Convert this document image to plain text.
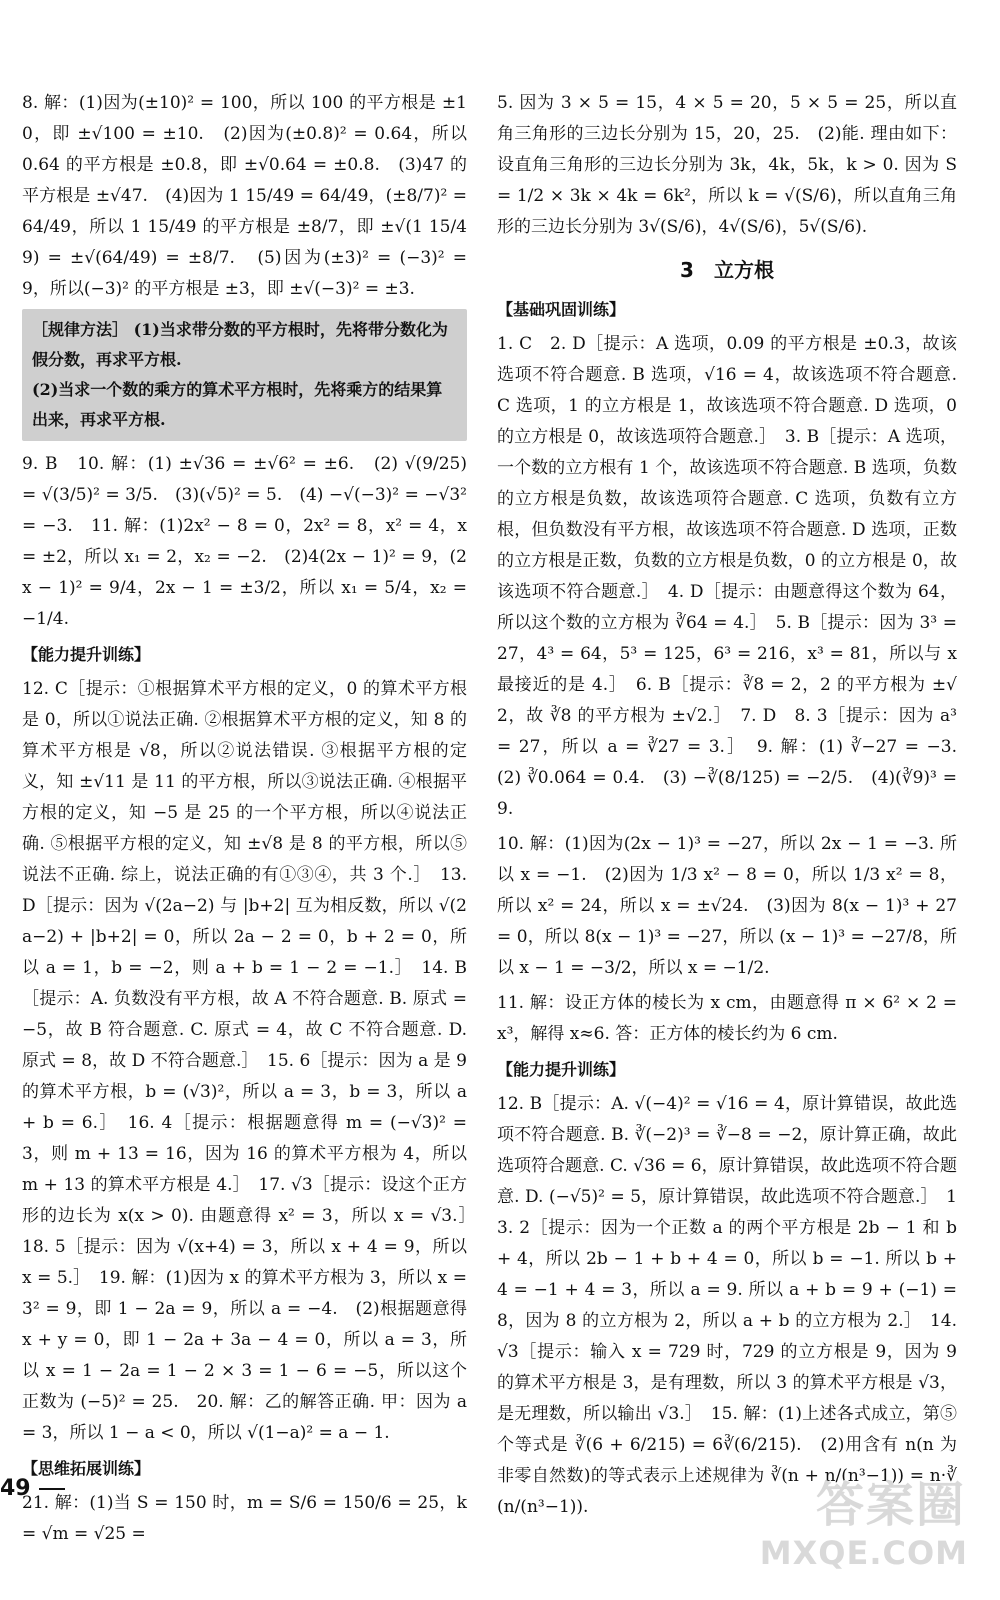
8. 解：(1)因为(±10)² = 100，所以 100 的平方根是 ±10，即 ±√100 = ±10.　(2)因为(±0.8)² = 0.64，所以 0.64 的平方根是 ±0.8，即 ±√0.64 = ±0.8.　(3)47 的平方根是 ±√47.　(4)因为 1 15/49 = 64/49，(±8/7)² = 64/49，所以 1 15/49 的平方根是 ±8/7，即 ±√(1 15/49) = ±√(64/49) = ±8/7.　(5)因为(±3)² = (−3)² = 9，所以(−3)² 的平方根是 ±3，即 ±√(−3)² = ±3.

［规律方法］ (1)当求带分数的平方根时，先将带分数化为假分数，再求平方根.
(2)当求一个数的乘方的算术平方根时，先将乘方的结果算出来，再求平方根.

9. B　10. 解：(1) ±√36 = ±√6² = ±6.　(2) √(9/25) = √(3/5)² = 3/5.　(3)(√5)² = 5.　(4) −√(−3)² = −√3² = −3.　11. 解：(1)2x² − 8 = 0，2x² = 8，x² = 4，x = ±2，所以 x₁ = 2，x₂ = −2.　(2)4(2x − 1)² = 9，(2x − 1)² = 9/4，2x − 1 = ±3/2，所以 x₁ = 5/4，x₂ = −1/4.

【能力提升训练】

12. C［提示：①根据算术平方根的定义，0 的算术平方根是 0，所以①说法正确. ②根据算术平方根的定义，知 8 的算术平方根是 √8，所以②说法错误. ③根据平方根的定义，知 ±√11 是 11 的平方根，所以③说法正确. ④根据平方根的定义，知 −5 是 25 的一个平方根，所以④说法正确. ⑤根据平方根的定义，知 ±√8 是 8 的平方根，所以⑤说法不正确. 综上，说法正确的有①③④，共 3 个.］　13. D［提示：因为 √(2a−2) 与 |b+2| 互为相反数，所以 √(2a−2) + |b+2| = 0，所以 2a − 2 = 0，b + 2 = 0，所以 a = 1，b = −2，则 a + b = 1 − 2 = −1.］　14. B［提示：A. 负数没有平方根，故 A 不符合题意. B. 原式 = −5，故 B 符合题意. C. 原式 = 4，故 C 不符合题意. D. 原式 = 8，故 D 不符合题意.］　15. 6［提示：因为 a 是 9 的算术平方根，b = (√3)²，所以 a = 3，b = 3，所以 a + b = 6.］　16. 4［提示：根据题意得 m = (−√3)² = 3，则 m + 13 = 16，因为 16 的算术平方根为 4，所以 m + 13 的算术平方根是 4.］　17. √3［提示：设这个正方形的边长为 x(x > 0). 由题意得 x² = 3，所以 x = √3.］　18. 5［提示：因为 √(x+4) = 3，所以 x + 4 = 9，所以 x = 5.］　19. 解：(1)因为 x 的算术平方根为 3，所以 x = 3² = 9，即 1 − 2a = 9，所以 a = −4.　(2)根据题意得 x + y = 0，即 1 − 2a + 3a − 4 = 0，所以 a = 3，所以 x = 1 − 2a = 1 − 2 × 3 = 1 − 6 = −5，所以这个正数为 (−5)² = 25.　20. 解：乙的解答正确. 甲：因为 a = 3，所以 1 − a < 0，所以 √(1−a)² = a − 1.

【思维拓展训练】

21. 解：(1)当 S = 150 时，m = S/6 = 150/6 = 25，k = √m = √25 =

5. 因为 3 × 5 = 15，4 × 5 = 20，5 × 5 = 25，所以直角三角形的三边长分别为 15，20，25.　(2)能. 理由如下：设直角三角形的三边长分别为 3k，4k，5k，k > 0. 因为 S = 1/2 × 3k × 4k = 6k²，所以 k = √(S/6)，所以直角三角形的三边长分别为 3√(S/6)，4√(S/6)，5√(S/6).

3　立方根
【基础巩固训练】

1. C　2. D［提示：A 选项，0.09 的平方根是 ±0.3，故该选项不符合题意. B 选项，√16 = 4，故该选项不符合题意. C 选项，1 的立方根是 1，故该选项不符合题意. D 选项，0 的立方根是 0，故该选项符合题意.］　3. B［提示：A 选项，一个数的立方根有 1 个，故该选项不符合题意. B 选项，负数的立方根是负数，故该选项符合题意. C 选项，负数有立方根，但负数没有平方根，故该选项不符合题意. D 选项，正数的立方根是正数，负数的立方根是负数，0 的立方根是 0，故该选项不符合题意.］　4. D［提示：由题意得这个数为 64，所以这个数的立方根为 ∛64 = 4.］　5. B［提示：因为 3³ = 27，4³ = 64，5³ = 125，6³ = 216，x³ = 81，所以与 x 最接近的是 4.］　6. B［提示：∛8 = 2，2 的平方根为 ±√2，故 ∛8 的平方根为 ±√2.］　7. D　8. 3［提示：因为 a³ = 27，所以 a = ∛27 = 3.］　9. 解：(1) ∛−27 = −3.　(2) ∛0.064 = 0.4.　(3) −∛(8/125) = −2/5.　(4)(∛9)³ = 9.

10. 解：(1)因为(2x − 1)³ = −27，所以 2x − 1 = −3. 所以 x = −1.　(2)因为 1/3 x² − 8 = 0，所以 1/3 x² = 8，所以 x² = 24，所以 x = ±√24.　(3)因为 8(x − 1)³ + 27 = 0，所以 8(x − 1)³ = −27，所以 (x − 1)³ = −27/8，所以 x − 1 = −3/2，所以 x = −1/2.

11. 解：设正方体的棱长为 x cm，由题意得 π × 6² × 2 = x³，解得 x≈6. 答：正方体的棱长约为 6 cm.

【能力提升训练】

12. B［提示：A. √(−4)² = √16 = 4，原计算错误，故此选项不符合题意. B. ∛(−2)³ = ∛−8 = −2，原计算正确，故此选项符合题意. C. √36 = 6，原计算错误，故此选项不符合题意. D. (−√5)² = 5，原计算错误，故此选项不符合题意.］　13. 2［提示：因为一个正数 a 的两个平方根是 2b − 1 和 b + 4，所以 2b − 1 + b + 4 = 0，所以 b = −1. 所以 b + 4 = −1 + 4 = 3，所以 a = 9. 所以 a + b = 9 + (−1) = 8，因为 8 的立方根为 2，所以 a + b 的立方根为 2.］　14. √3［提示：输入 x = 729 时，729 的立方根是 9，因为 9 的算术平方根是 3，是有理数，所以 3 的算术平方根是 √3，是无理数，所以输出 √3.］　15. 解：(1)上述各式成立，第⑤个等式是 ∛(6 + 6/215) = 6∛(6/215).　(2)用含有 n(n 为非零自然数)的等式表示上述规律为 ∛(n + n/(n³−1)) = n·∛(n/(n³−1)).

49	答案圈
MXQE.COM
